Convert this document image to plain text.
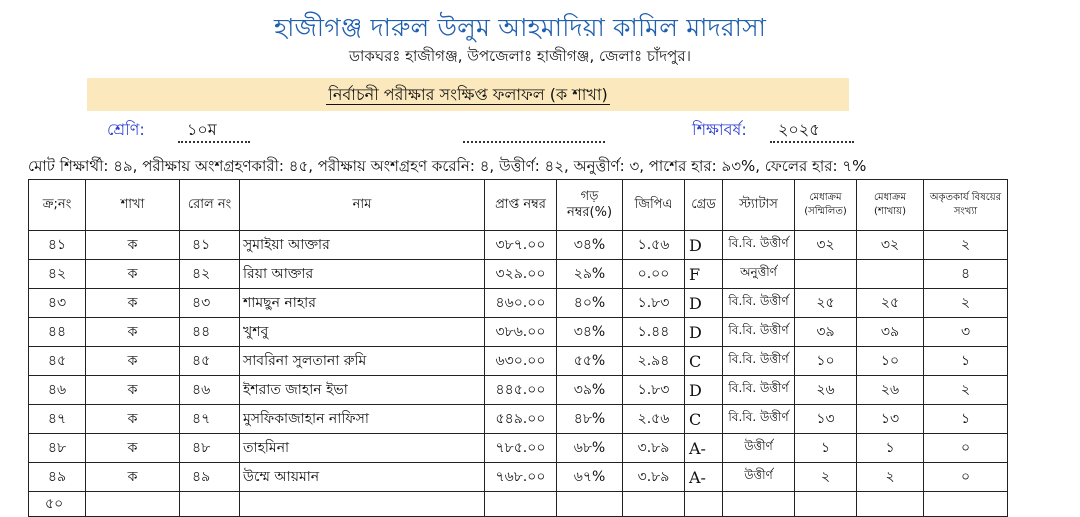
হাজীগঞ্জ দারুল উলুম আহমাদিয়া কামিল মাদরাসা
ডাকঘরঃ হাজীগঞ্জ, উপজেলাঃ হাজীগঞ্জ, জেলাঃ চাঁদপুর।
নির্বাচনী পরীক্ষার সংক্ষিপ্ত ফলাফল (ক শাখা)
শ্রেণি:	১০ম	শিক্ষাবর্ষ: ২০২৫
মোট শিক্ষার্থী: ৪৯, পরীক্ষায় অংশগ্রহণকারী: ৪৫, পরীক্ষায় অংশগ্রহণ করেনি: ৪, উত্তীর্ণ: ৪২, অনুত্তীর্ণ: ৩, পাশের হার: ৯৩%, ফেলের হার: ৭%
ক্র;নং	শাখা	রোল নং	নাম	প্রাপ্ত নম্বর	গড় নম্বর(%)	জিপিএ	গ্রেড	স্ট্যাটাস	মেধাক্রম (সম্মিলিত)	মেধাক্রম (শাখায়)	অকৃতকার্য বিষয়ের সংখ্যা
৪১	ক	৪১	সুমাইয়া আক্তার	৩৮৭.০০	৩৪%	১.৫৬	D	বি.বি. উত্তীর্ণ	৩২	৩২	২
৪২	ক	৪২	রিয়া আক্তার	৩২৯.০০	২৯%	০.০০	F	অনুত্তীর্ণ			৪
৪৩	ক	৪৩	শামছুন নাহার	৪৬০.০০	৪০%	১.৮৩	D	বি.বি. উত্তীর্ণ	২৫	২৫	২
৪৪	ক	৪৪	খুশবু	৩৮৬.০০	৩৪%	১.৪৪	D	বি.বি. উত্তীর্ণ	৩৯	৩৯	৩
৪৫	ক	৪৫	সাবরিনা সুলতানা রুমি	৬৩০.০০	৫৫%	২.৯৪	C	বি.বি. উত্তীর্ণ	১০	১০	১
৪৬	ক	৪৬	ইশরাত জাহান ইভা	৪৪৫.০০	৩৯%	১.৮৩	D	বি.বি. উত্তীর্ণ	২৬	২৬	২
৪৭	ক	৪৭	মুসফিকাজাহান নাফিসা	৫৪৯.০০	৪৮%	২.৫৬	C	বি.বি. উত্তীর্ণ	১৩	১৩	১
৪৮	ক	৪৮	তাহমিনা	৭৮৫.০০	৬৮%	৩.৮৯	A-	উত্তীর্ণ	১	১	০
৪৯	ক	৪৯	উম্মে আয়মান	৭৬৮.০০	৬৭%	৩.৮৯	A-	উত্তীর্ণ	২	২	০
৫০											
